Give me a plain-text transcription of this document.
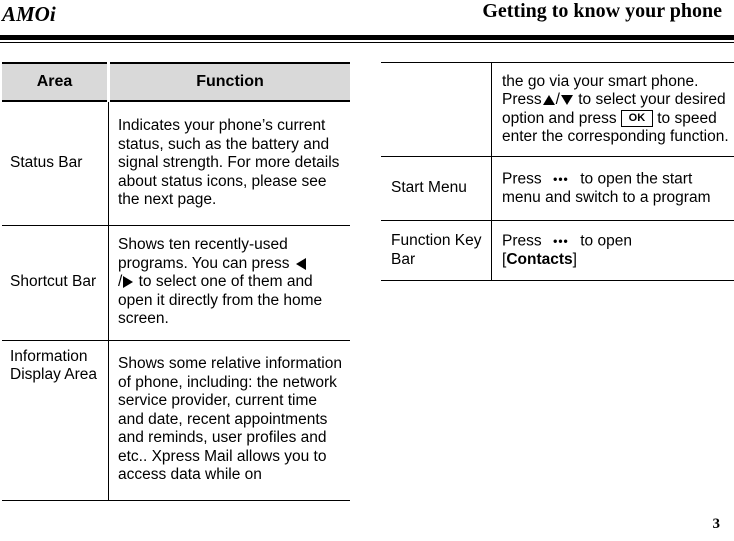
AMOi	Getting to know your phone
Area	Function
Status Bar	Indicates your phone’s current status, such as the battery and signal strength. For more details about status icons, please see the next page.
Shortcut Bar	Shows ten recently-used programs. You can press
/ to select one of them and open it directly from the home screen.
Information Display Area	Shows some relative information of phone, including: the network service provider, current time and date, recent appointments and reminds, user profiles and etc.. Xpress Mail allows you to access data while on
	the go via your smart phone. Press / to select your desired option and press OK to speed enter the corresponding function.
Start Menu	Press ••• to open the start menu and switch to a program
Function Key Bar	Press ••• to open
[Contacts]
3
